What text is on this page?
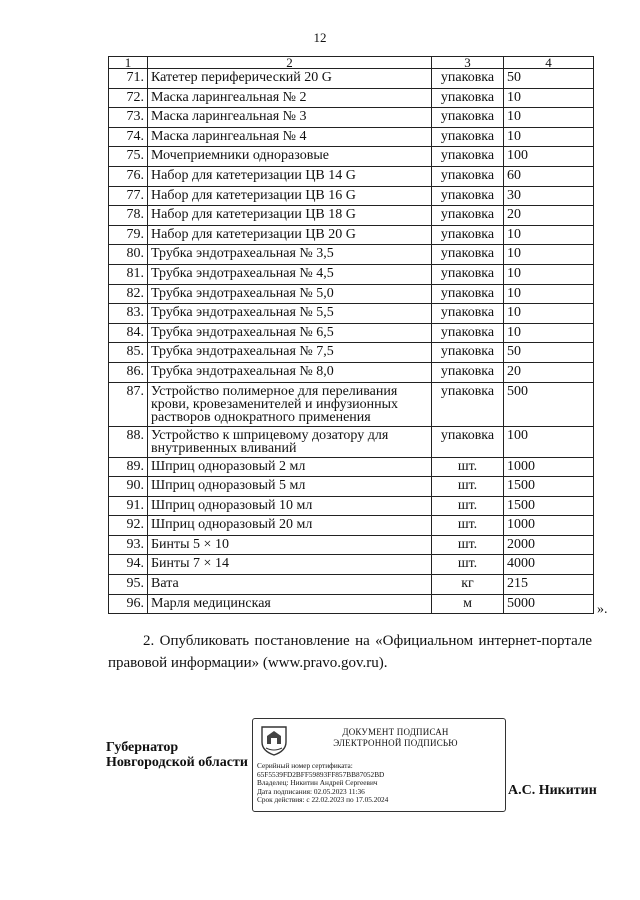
12
1	2	3	4
71.	Катетер периферический 20 G	упаковка	50
72.	Маска ларингеальная № 2	упаковка	10
73.	Маска ларингеальная № 3	упаковка	10
74.	Маска ларингеальная № 4	упаковка	10
75.	Мочеприемники одноразовые	упаковка	100
76.	Набор для катетеризации ЦВ 14 G	упаковка	60
77.	Набор для катетеризации ЦВ 16 G	упаковка	30
78.	Набор для катетеризации ЦВ 18 G	упаковка	20
79.	Набор для катетеризации ЦВ 20 G	упаковка	10
80.	Трубка эндотрахеальная № 3,5	упаковка	10
81.	Трубка эндотрахеальная № 4,5	упаковка	10
82.	Трубка эндотрахеальная № 5,0	упаковка	10
83.	Трубка эндотрахеальная № 5,5	упаковка	10
84.	Трубка эндотрахеальная № 6,5	упаковка	10
85.	Трубка эндотрахеальная № 7,5	упаковка	50
86.	Трубка эндотрахеальная № 8,0	упаковка	20
87.	Устройство полимерное для переливания крови, кровезаменителей и инфузионных растворов однократного применения	упаковка	500
88.	Устройство к шприцевому дозатору для внутривенных вливаний	упаковка	100
89.	Шприц одноразовый 2 мл	шт.	1000
90.	Шприц одноразовый 5 мл	шт.	1500
91.	Шприц одноразовый 10 мл	шт.	1500
92.	Шприц одноразовый 20 мл	шт.	1000
93.	Бинты 5 × 10	шт.	2000
94.	Бинты 7 × 14	шт.	4000
95.	Вата	кг	215
96.	Марля медицинская	м	5000	».
2. Опубликовать постановление на «Официальном интернет-портале правовой информации» (www.pravo.gov.ru).
Губернатор
Новгородской области
ДОКУМЕНТ ПОДПИСАН
ЭЛЕКТРОННОЙ ПОДПИСЬЮ
Серийный номер сертификата:
65F5539FD2BFF59893FF857BB87052BD
Владелец: Никитин Андрей Сергеевич
Дата подписания: 02.05.2023 11:36
Срок действия: с 22.02.2023 по 17.05.2024
А.С. Никитин
